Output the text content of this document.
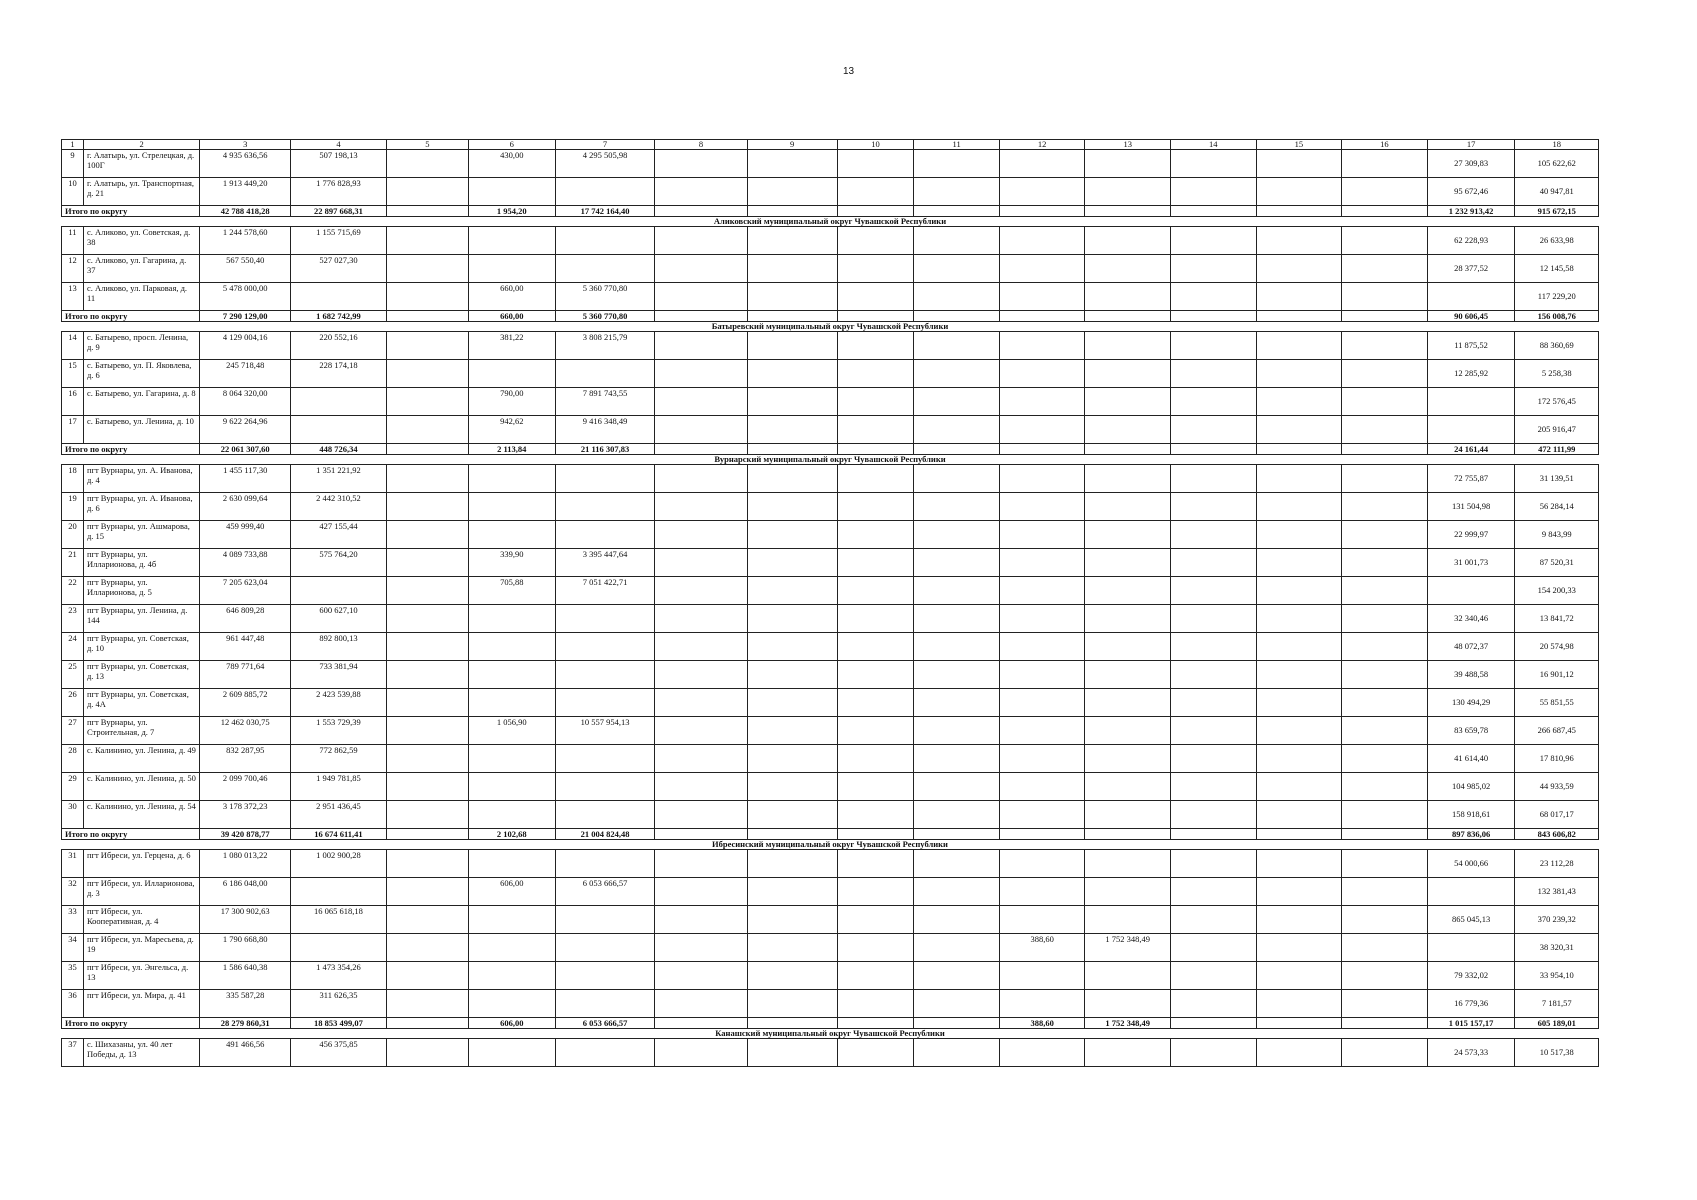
13
1	2	3	4	5	6	7	8	9	10	11	12	13	14	15	16	17	18
9	г. Алатырь, ул. Стрелецкая, д. 100Г	4 935 636,56	507 198,13		430,00	4 295 505,98										27 309,83	105 622,62
10	г. Алатырь, ул. Транспортная, д. 21	1 913 449,20	1 776 828,93													95 672,46	40 947,81
Итого по округу		42 788 418,28	22 897 668,31		1 954,20	17 742 164,40										1 232 913,42	915 672,15
Аликовский муниципальный округ Чувашской Республики																	
11	с. Аликово, ул. Советская, д. 38	1 244 578,60	1 155 715,69													62 228,93	26 633,98
12	с. Аликово, ул. Гагарина, д. 37	567 550,40	527 027,30													28 377,52	12 145,58
13	с. Аликово, ул. Парковая, д. 11	5 478 000,00			660,00	5 360 770,80											117 229,20
Итого по округу		7 290 129,00	1 682 742,99		660,00	5 360 770,80										90 606,45	156 008,76
Батыревский муниципальный округ Чувашской Республики																	
14	с. Батырево, просп. Ленина, д. 9	4 129 004,16	220 552,16		381,22	3 808 215,79										11 875,52	88 360,69
15	с. Батырево, ул. П. Яковлева, д. 6	245 718,48	228 174,18													12 285,92	5 258,38
16	с. Батырево, ул. Гагарина, д. 8	8 064 320,00			790,00	7 891 743,55											172 576,45
17	с. Батырево, ул. Ленина, д. 10	9 622 264,96			942,62	9 416 348,49											205 916,47
Итого по округу		22 061 307,60	448 726,34		2 113,84	21 116 307,83										24 161,44	472 111,99
Вурнарский муниципальный округ Чувашской Республики																	
18	пгт Вурнары, ул. А. Иванова, д. 4	1 455 117,30	1 351 221,92													72 755,87	31 139,51
19	пгт Вурнары, ул. А. Иванова, д. 6	2 630 099,64	2 442 310,52													131 504,98	56 284,14
20	пгт Вурнары, ул. Ашмарова, д. 15	459 999,40	427 155,44													22 999,97	9 843,99
21	пгт Вурнары, ул. Илларионова, д. 4б	4 089 733,88	575 764,20		339,90	3 395 447,64										31 001,73	87 520,31
22	пгт Вурнары, ул. Илларионова, д. 5	7 205 623,04			705,88	7 051 422,71											154 200,33
23	пгт Вурнары, ул. Ленина, д. 144	646 809,28	600 627,10													32 340,46	13 841,72
24	пгт Вурнары, ул. Советская, д. 10	961 447,48	892 800,13													48 072,37	20 574,98
25	пгт Вурнары, ул. Советская, д. 13	789 771,64	733 381,94													39 488,58	16 901,12
26	пгт Вурнары, ул. Советская, д. 4А	2 609 885,72	2 423 539,88													130 494,29	55 851,55
27	пгт Вурнары, ул. Строительная, д. 7	12 462 030,75	1 553 729,39		1 056,90	10 557 954,13										83 659,78	266 687,45
28	с. Калинино, ул. Ленина, д. 49	832 287,95	772 862,59													41 614,40	17 810,96
29	с. Калинино, ул. Ленина, д. 50	2 099 700,46	1 949 781,85													104 985,02	44 933,59
30	с. Калинино, ул. Ленина, д. 54	3 178 372,23	2 951 436,45													158 918,61	68 017,17
Итого по округу		39 420 878,77	16 674 611,41		2 102,68	21 004 824,48										897 836,06	843 606,82
Ибресинский муниципальный округ Чувашской Республики																	
31	пгт Ибреси, ул. Герцена, д. 6	1 080 013,22	1 002 900,28													54 000,66	23 112,28
32	пгт Ибреси, ул. Илларионова, д. 3	6 186 048,00			606,00	6 053 666,57											132 381,43
33	пгт Ибреси, ул. Кооперативная, д. 4	17 300 902,63	16 065 618,18													865 045,13	370 239,32
34	пгт Ибреси, ул. Маресьева, д. 19	1 790 668,80									388,60	1 752 348,49					38 320,31
35	пгт Ибреси, ул. Энгельса, д. 13	1 586 640,38	1 473 354,26													79 332,02	33 954,10
36	пгт Ибреси, ул. Мира, д. 41	335 587,28	311 626,35													16 779,36	7 181,57
Итого по округу		28 279 860,31	18 853 499,07		606,00	6 053 666,57					388,60	1 752 348,49				1 015 157,17	605 189,01
Канашский муниципальный округ Чувашской Республики																	
37	с. Шихазаны, ул. 40 лет Победы, д. 13	491 466,56	456 375,85													24 573,33	10 517,38
